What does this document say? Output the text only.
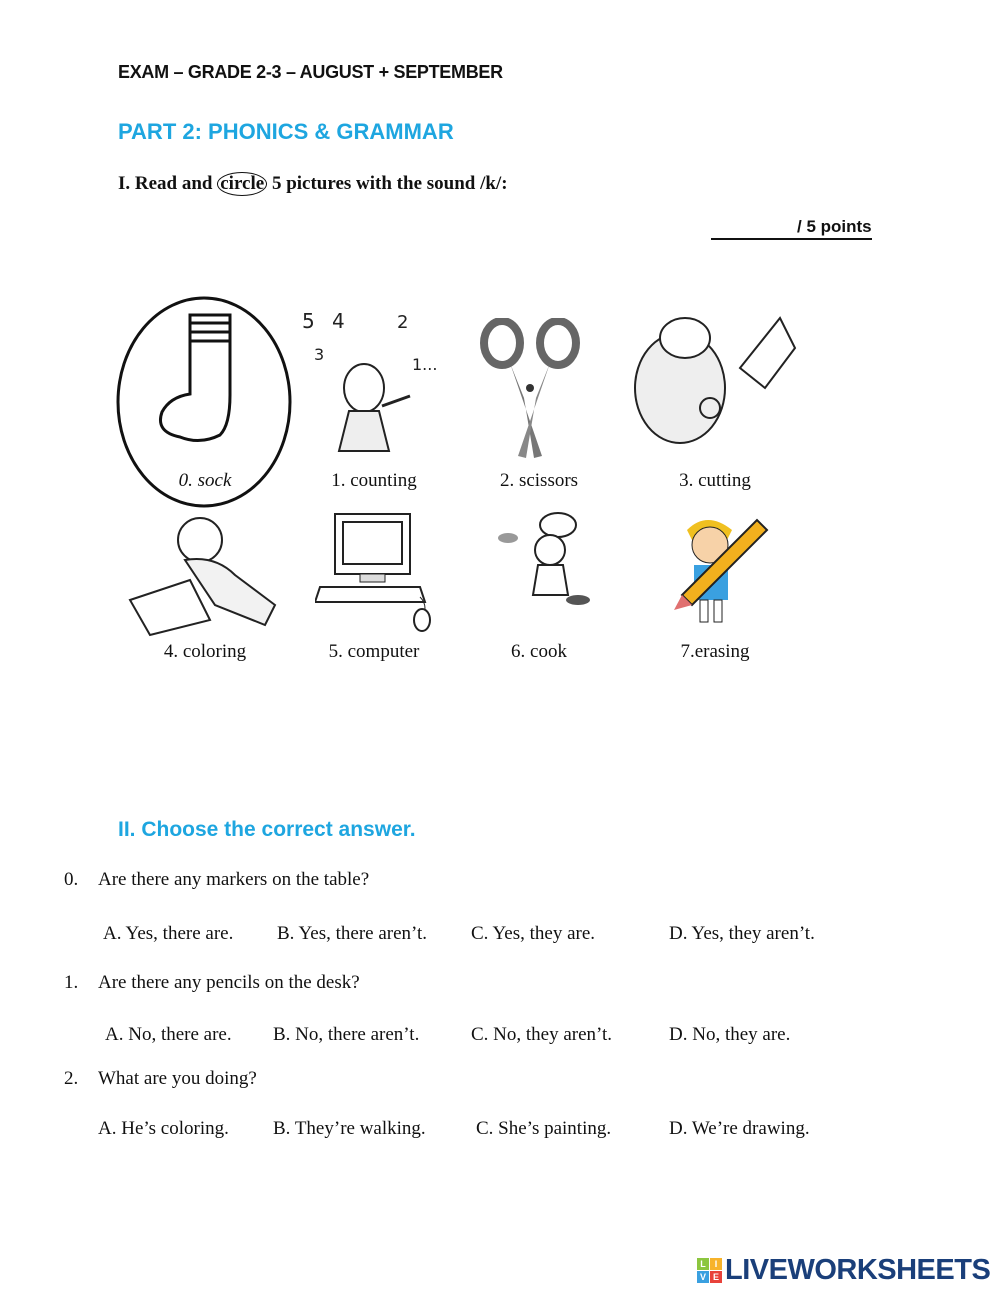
EXAM – GRADE 2-3 – AUGUST + SEPTEMBER
PART 2: PHONICS & GRAMMAR
I. Read and circle 5 pictures with the sound /k/:
/ 5 points
5 4
3
2
1...
0. sock	1. counting	2. scissors	3. cutting
4. coloring	5. computer	6. cook	7.erasing
II. Choose the correct answer.
0. Are there any markers on the table?
A. Yes, there are. B. Yes, there aren’t. C. Yes, they are.	D. Yes, they aren’t.
1. Are there any pencils on the desk?
A. No, there are. B. No, there aren’t.	C. No, they aren’t.	D. No, they are.
2. What are you doing?
A. He’s coloring. B. They’re walking.	C. She’s painting.	D. We’re drawing.
L I
V E LIVEWORKSHEETS
